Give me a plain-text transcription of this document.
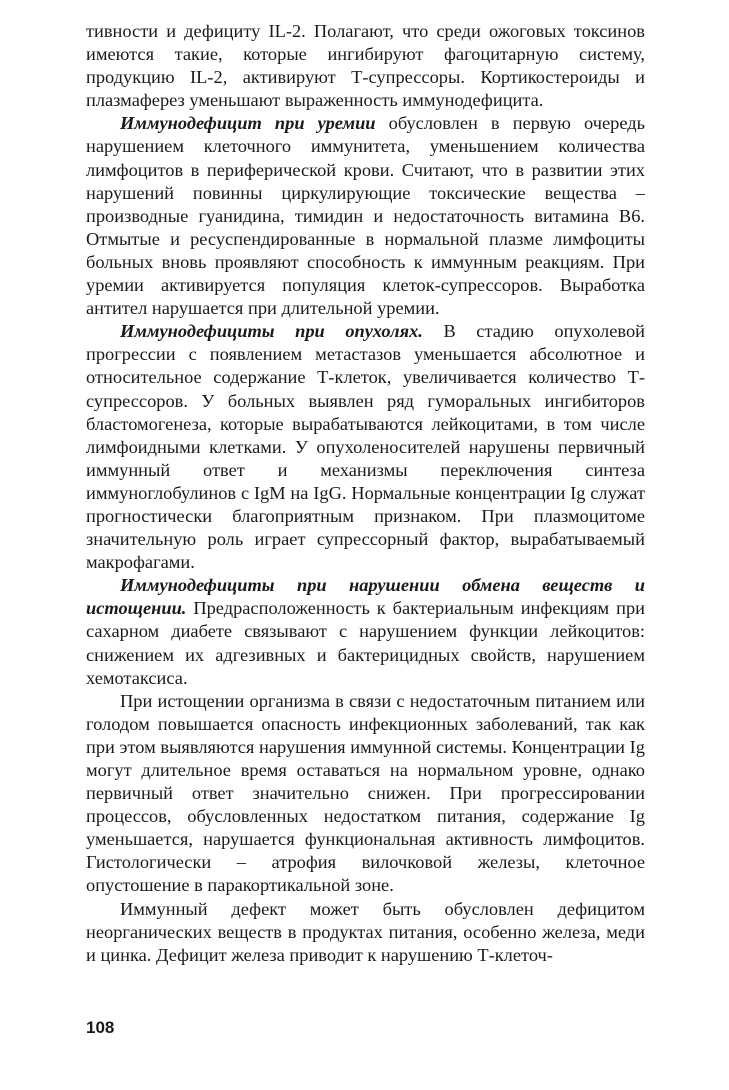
тивности и дефициту IL-2. Полагают, что среди ожоговых токсинов имеются такие, которые ингибируют фагоцитарную систему, продукцию IL-2, активируют Т-супрессоры. Кортикостероиды и плазмаферез уменьшают выраженность иммунодефицита.

Иммунодефицит при уремии обусловлен в первую очередь нарушением клеточного иммунитета, уменьшением количества лимфоцитов в периферической крови. Считают, что в развитии этих нарушений повинны циркулирующие токсические вещества – производные гуанидина, тимидин и недостаточность витамина В6. Отмытые и ресуспендированные в нормальной плазме лимфоциты больных вновь проявляют способность к иммунным реакциям. При уремии активируется популяция клеток-супрессоров. Выработка антител нарушается при длительной уремии.

Иммунодефициты при опухолях. В стадию опухолевой прогрессии с появлением метастазов уменьшается абсолютное и относительное содержание Т-клеток, увеличивается количество Т-супрессоров. У больных выявлен ряд гуморальных ингибиторов бластомогенеза, которые вырабатываются лейкоцитами, в том числе лимфоидными клетками. У опухоленосителей нарушены первичный иммунный ответ и механизмы переключения синтеза иммуноглобулинов с IgM на IgG. Нормальные концентрации Ig служат прогностически благоприятным признаком. При плазмоцитоме значительную роль играет супрессорный фактор, вырабатываемый макрофагами.

Иммунодефициты при нарушении обмена веществ и истощении. Предрасположенность к бактериальным инфекциям при сахарном диабете связывают с нарушением функции лейкоцитов: снижением их адгезивных и бактерицидных свойств, нарушением хемотаксиса.

При истощении организма в связи с недостаточным питанием или голодом повышается опасность инфекционных заболеваний, так как при этом выявляются нарушения иммунной системы. Концентрации Ig могут длительное время оставаться на нормальном уровне, однако первичный ответ значительно снижен. При прогрессировании процессов, обусловленных недостатком питания, содержание Ig уменьшается, нарушается функциональная активность лимфоцитов. Гистологически – атрофия вилочковой железы, клеточное опустошение в паракортикальной зоне.

Иммунный дефект может быть обусловлен дефицитом неорганических веществ в продуктах питания, особенно железа, меди и цинка. Дефицит железа приводит к нарушению Т-клеточ-

108
